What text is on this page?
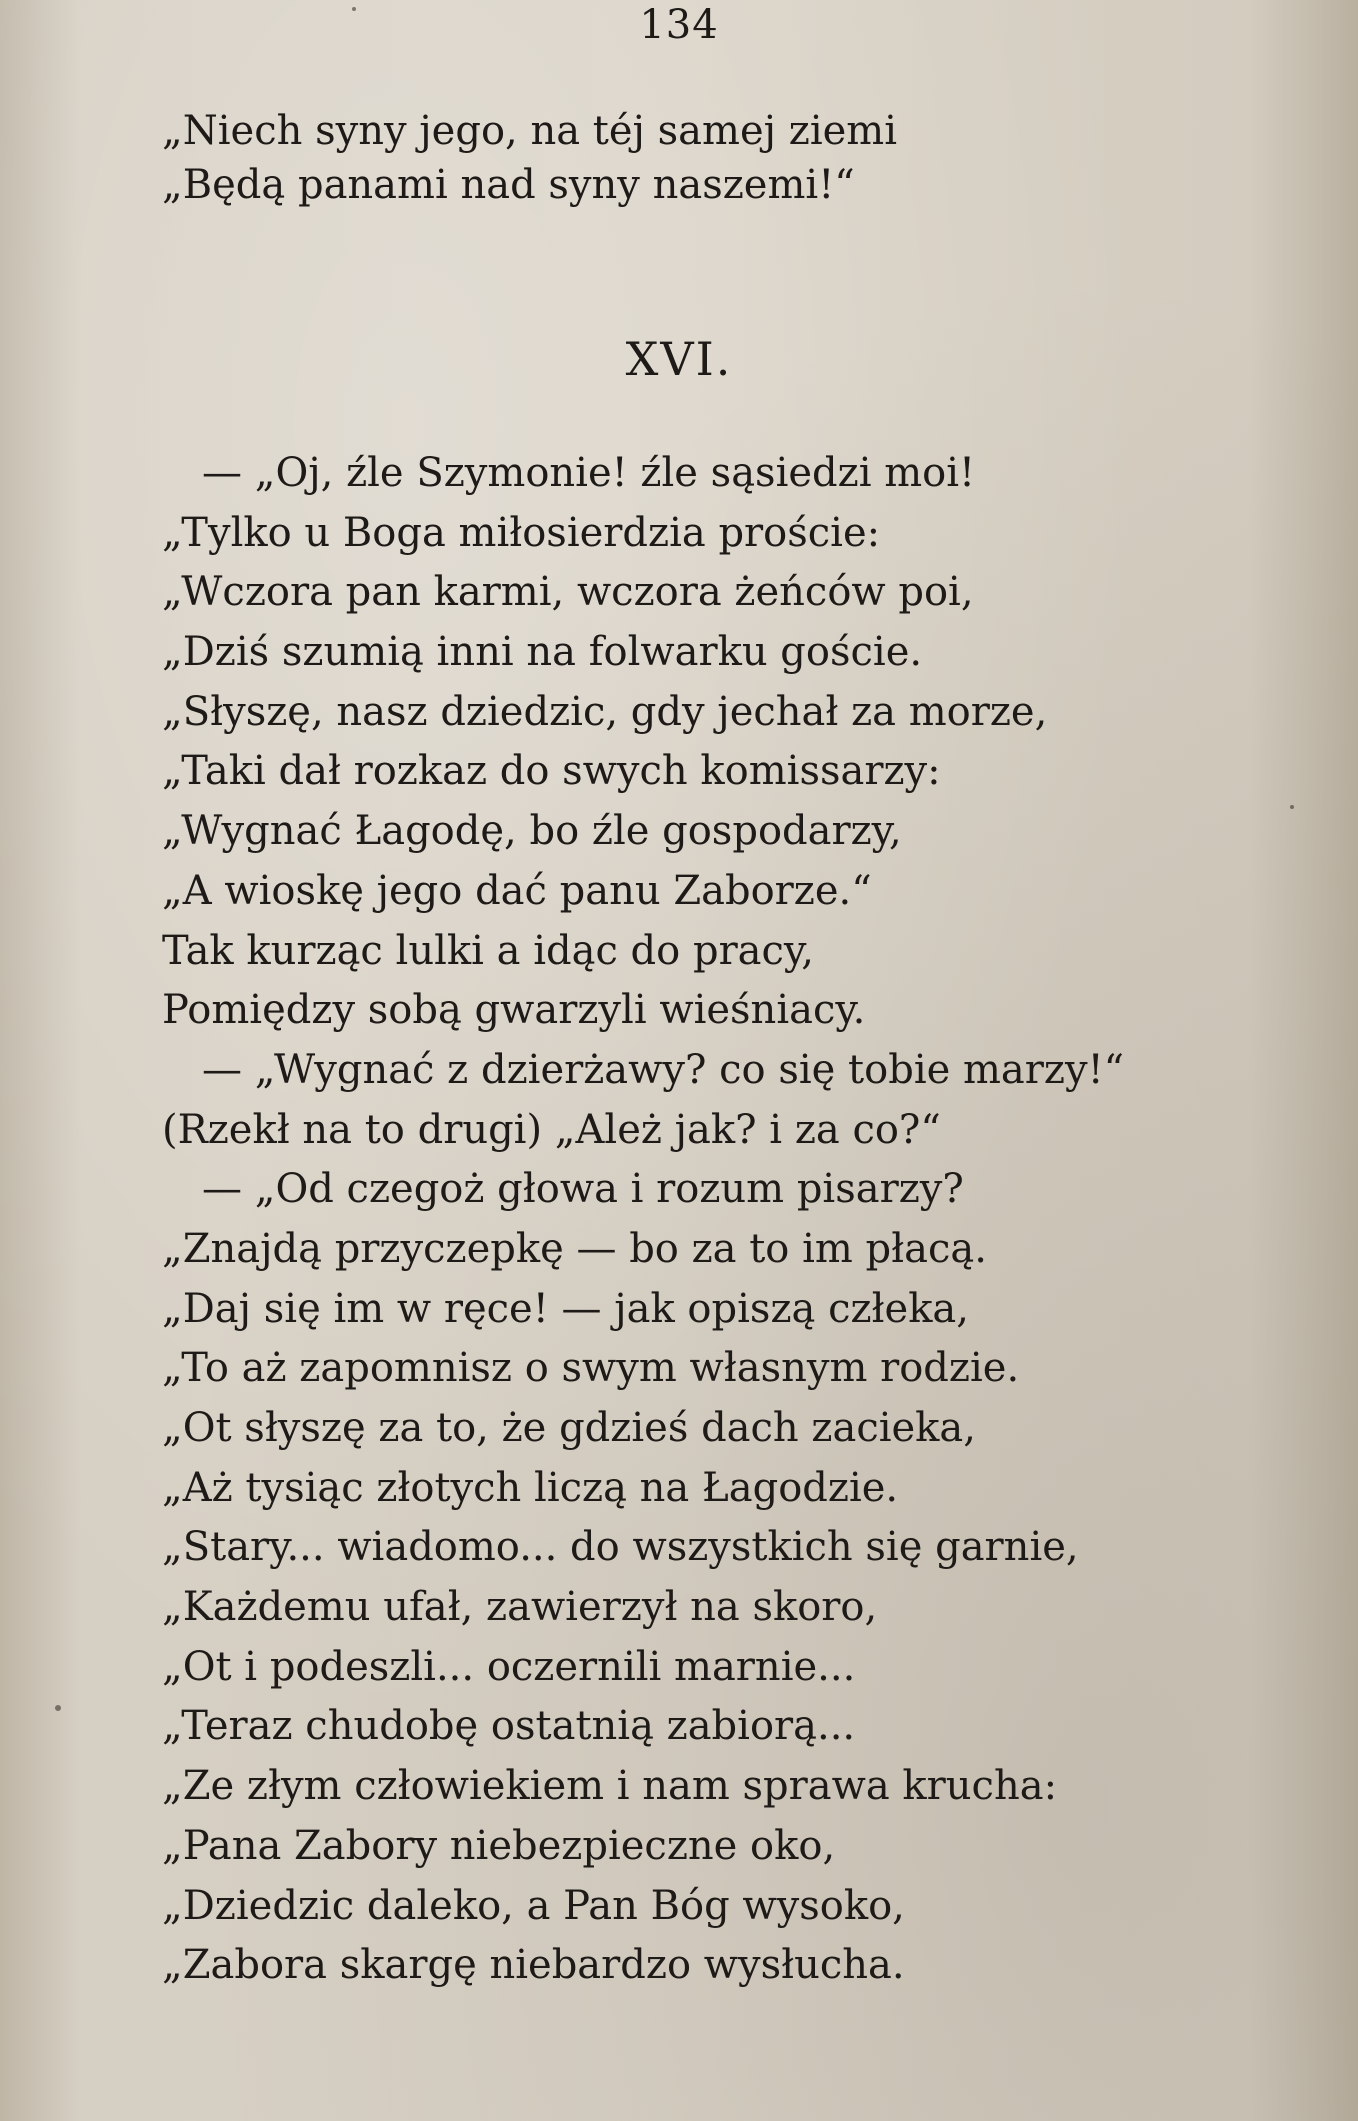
134
„Niech syny jego, na téj samej ziemi
„Będą panami nad syny naszemi!“
XVI.
— „Oj, źle Szymonie! źle sąsiedzi moi!
„Tylko u Boga miłosierdzia proście:
„Wczora pan karmi, wczora żeńców poi,
„Dziś szumią inni na folwarku goście.
„Słyszę, nasz dziedzic, gdy jechał za morze,
„Taki dał rozkaz do swych komissarzy:
„Wygnać Łagodę, bo źle gospodarzy,
„A wioskę jego dać panu Zaborze.“
Tak kurząc lulki a idąc do pracy,
Pomiędzy sobą gwarzyli wieśniacy.
— „Wygnać z dzierżawy? co się tobie marzy!“
(Rzekł na to drugi) „Ależ jak? i za co?“
— „Od czegoż głowa i rozum pisarzy?
„Znajdą przyczepkę — bo za to im płacą.
„Daj się im w ręce! — jak opiszą człeka,
„To aż zapomnisz o swym własnym rodzie.
„Ot słyszę za to, że gdzieś dach zacieka,
„Aż tysiąc złotych liczą na Łagodzie.
„Stary... wiadomo... do wszystkich się garnie,
„Każdemu ufał, zawierzył na skoro,
„Ot i podeszli... oczernili marnie...
„Teraz chudobę ostatnią zabiorą...
„Ze złym człowiekiem i nam sprawa krucha:
„Pana Zabory niebezpieczne oko,
„Dziedzic daleko, a Pan Bóg wysoko,
„Zabora skargę niebardzo wysłucha.
